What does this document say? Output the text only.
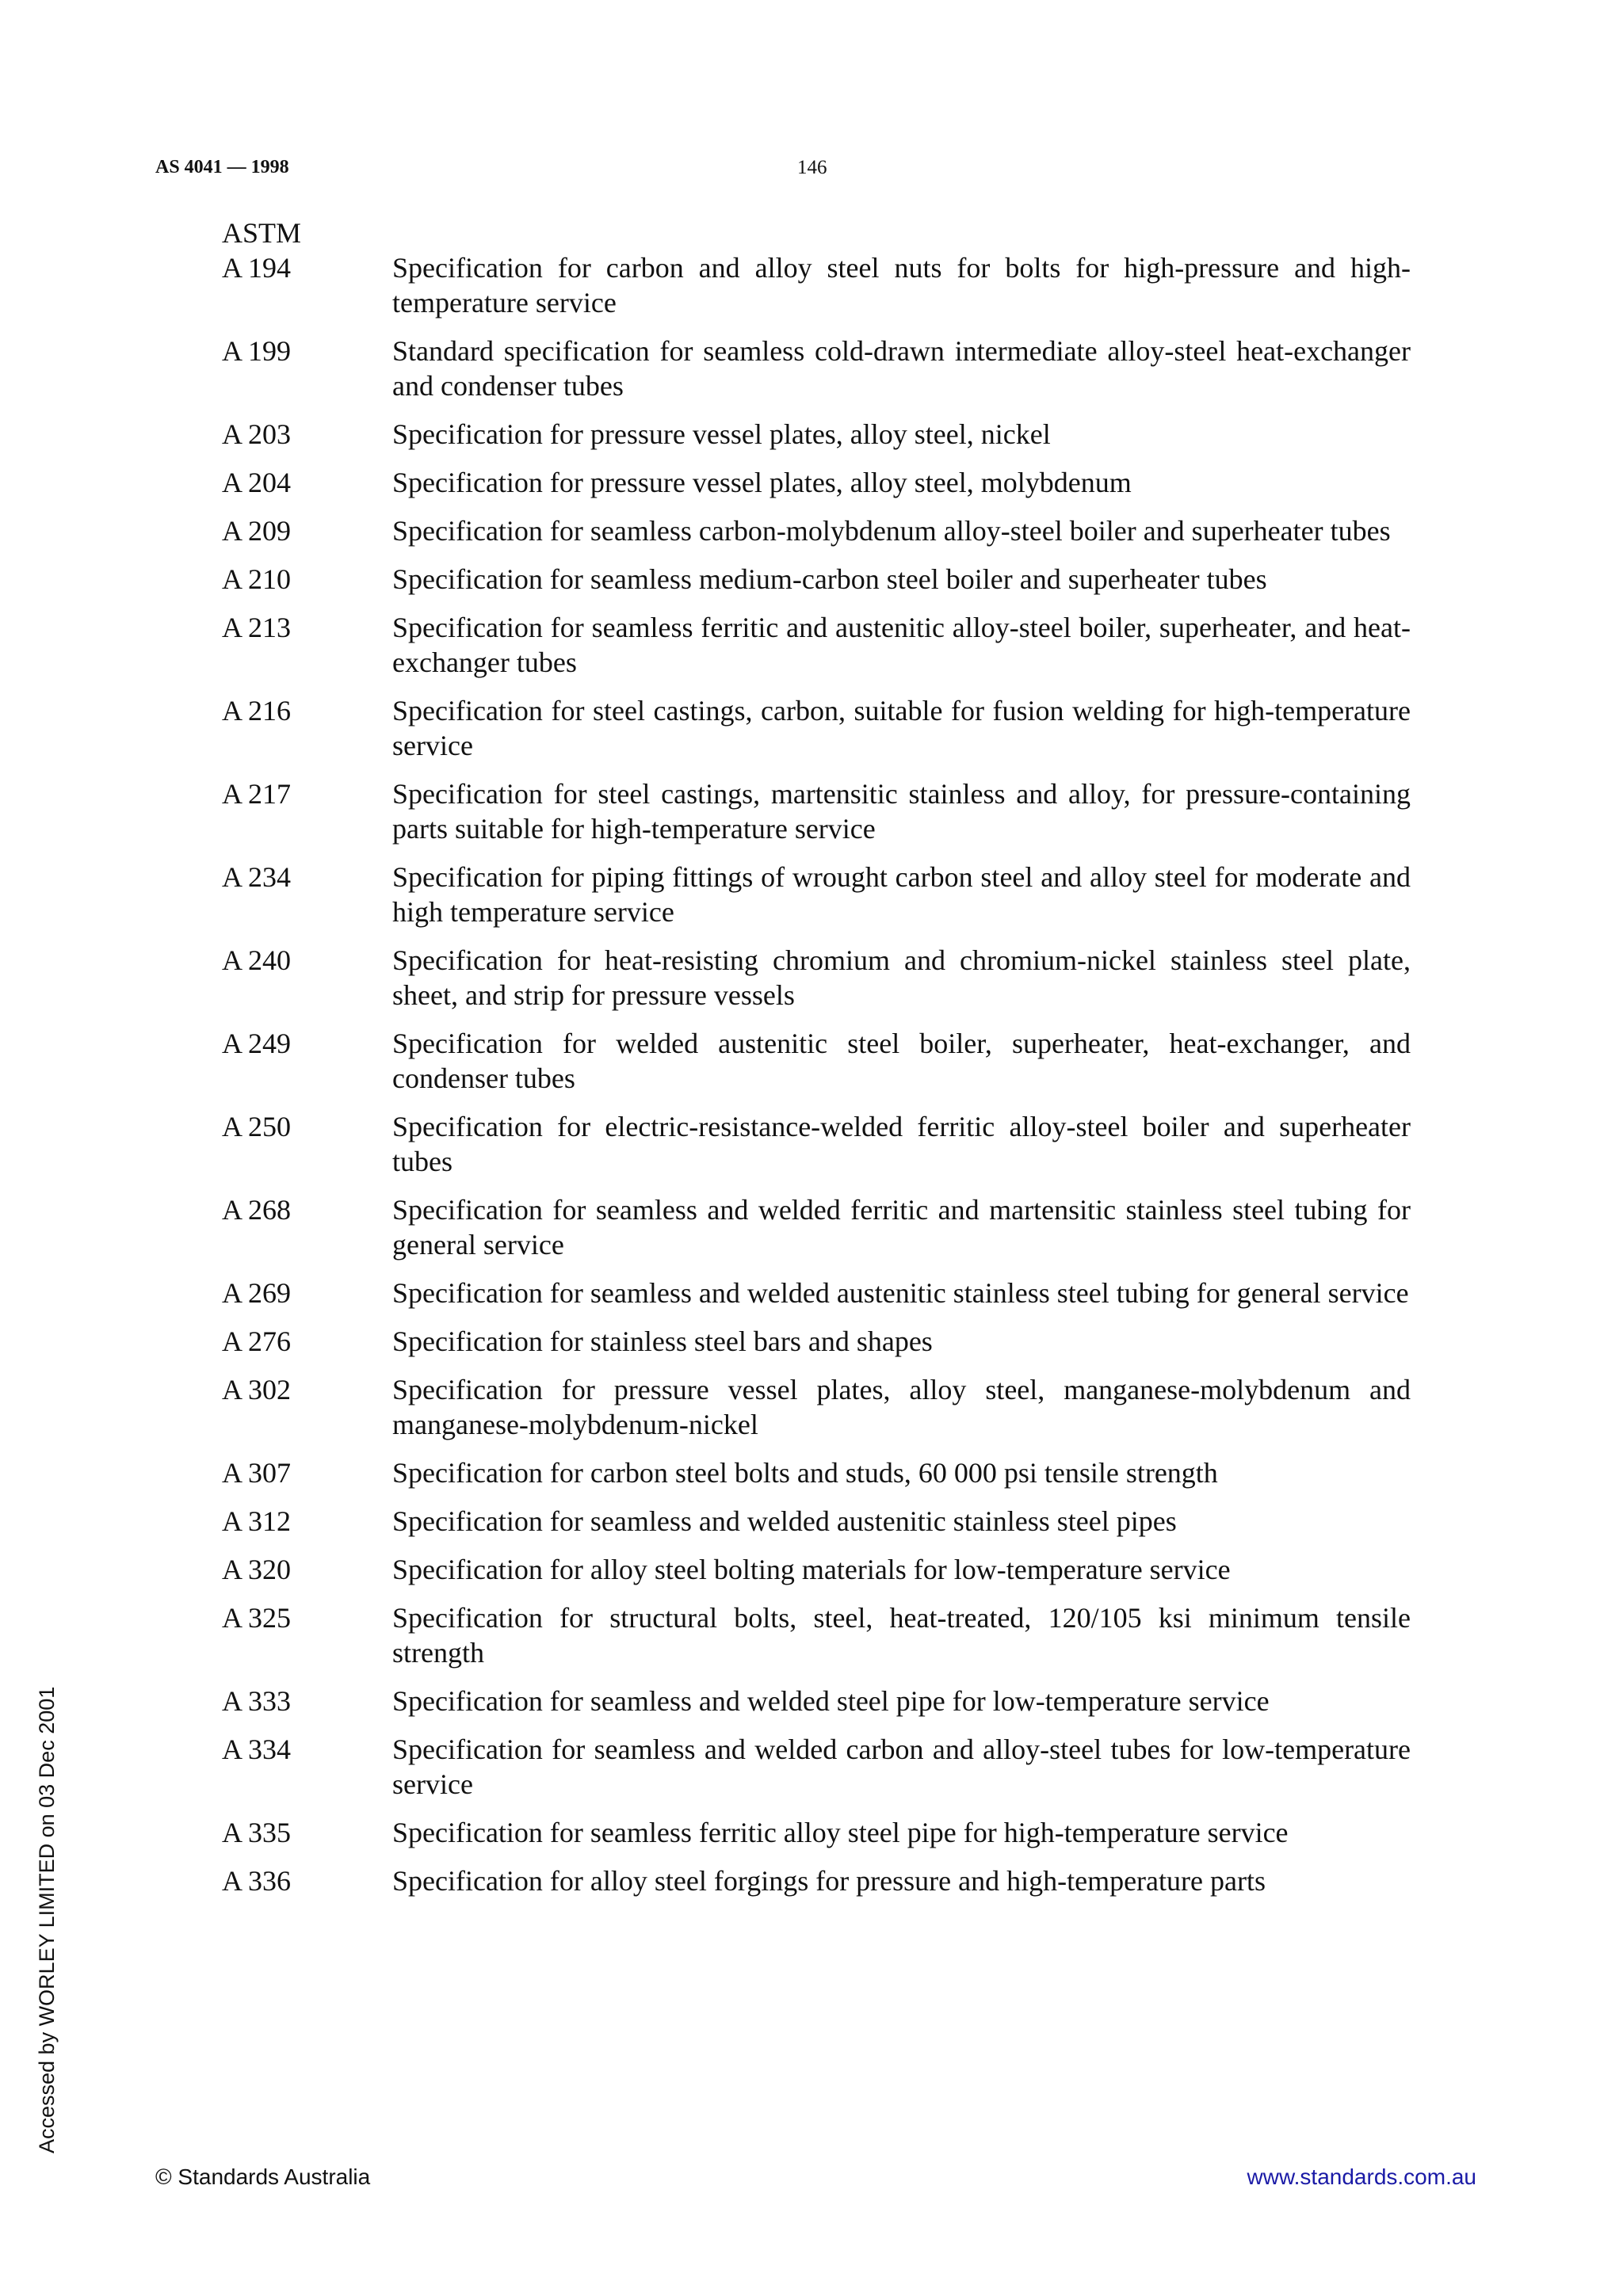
AS 4041 — 1998	146
ASTM
A 194	Specification for carbon and alloy steel nuts for bolts for high-pressure and high-temperature service
A 199	Standard specification for seamless cold-drawn intermediate alloy-steel heat-exchanger and condenser tubes
A 203	Specification for pressure vessel plates, alloy steel, nickel
A 204	Specification for pressure vessel plates, alloy steel, molybdenum
A 209	Specification for seamless carbon-molybdenum alloy-steel boiler and superheater tubes
A 210	Specification for seamless medium-carbon steel boiler and superheater tubes
A 213	Specification for seamless ferritic and austenitic alloy-steel boiler, superheater, and heat-exchanger tubes
A 216	Specification for steel castings, carbon, suitable for fusion welding for high-temperature service
A 217	Specification for steel castings, martensitic stainless and alloy, for pressure-containing parts suitable for high-temperature service
A 234	Specification for piping fittings of wrought carbon steel and alloy steel for moderate and high temperature service
A 240	Specification for heat-resisting chromium and chromium-nickel stainless steel plate, sheet, and strip for pressure vessels
A 249	Specification for welded austenitic steel boiler, superheater, heat-exchanger, and condenser tubes
A 250	Specification for electric-resistance-welded ferritic alloy-steel boiler and superheater tubes
A 268	Specification for seamless and welded ferritic and martensitic stainless steel tubing for general service
A 269	Specification for seamless and welded austenitic stainless steel tubing for general service
A 276	Specification for stainless steel bars and shapes
A 302	Specification for pressure vessel plates, alloy steel, manganese-molybdenum and manganese-molybdenum-nickel
A 307	Specification for carbon steel bolts and studs, 60 000 psi tensile strength
A 312	Specification for seamless and welded austenitic stainless steel pipes
A 320	Specification for alloy steel bolting materials for low-temperature service
A 325	Specification for structural bolts, steel, heat-treated, 120/105 ksi minimum tensile strength
A 333	Specification for seamless and welded steel pipe for low-temperature service
A 334	Specification for seamless and welded carbon and alloy-steel tubes for low-temperature service
A 335	Specification for seamless ferritic alloy steel pipe for high-temperature service
A 336	Specification for alloy steel forgings for pressure and high-temperature parts
Accessed by WORLEY LIMITED on 03 Dec 2001
© Standards Australia	www.standards.com.au
